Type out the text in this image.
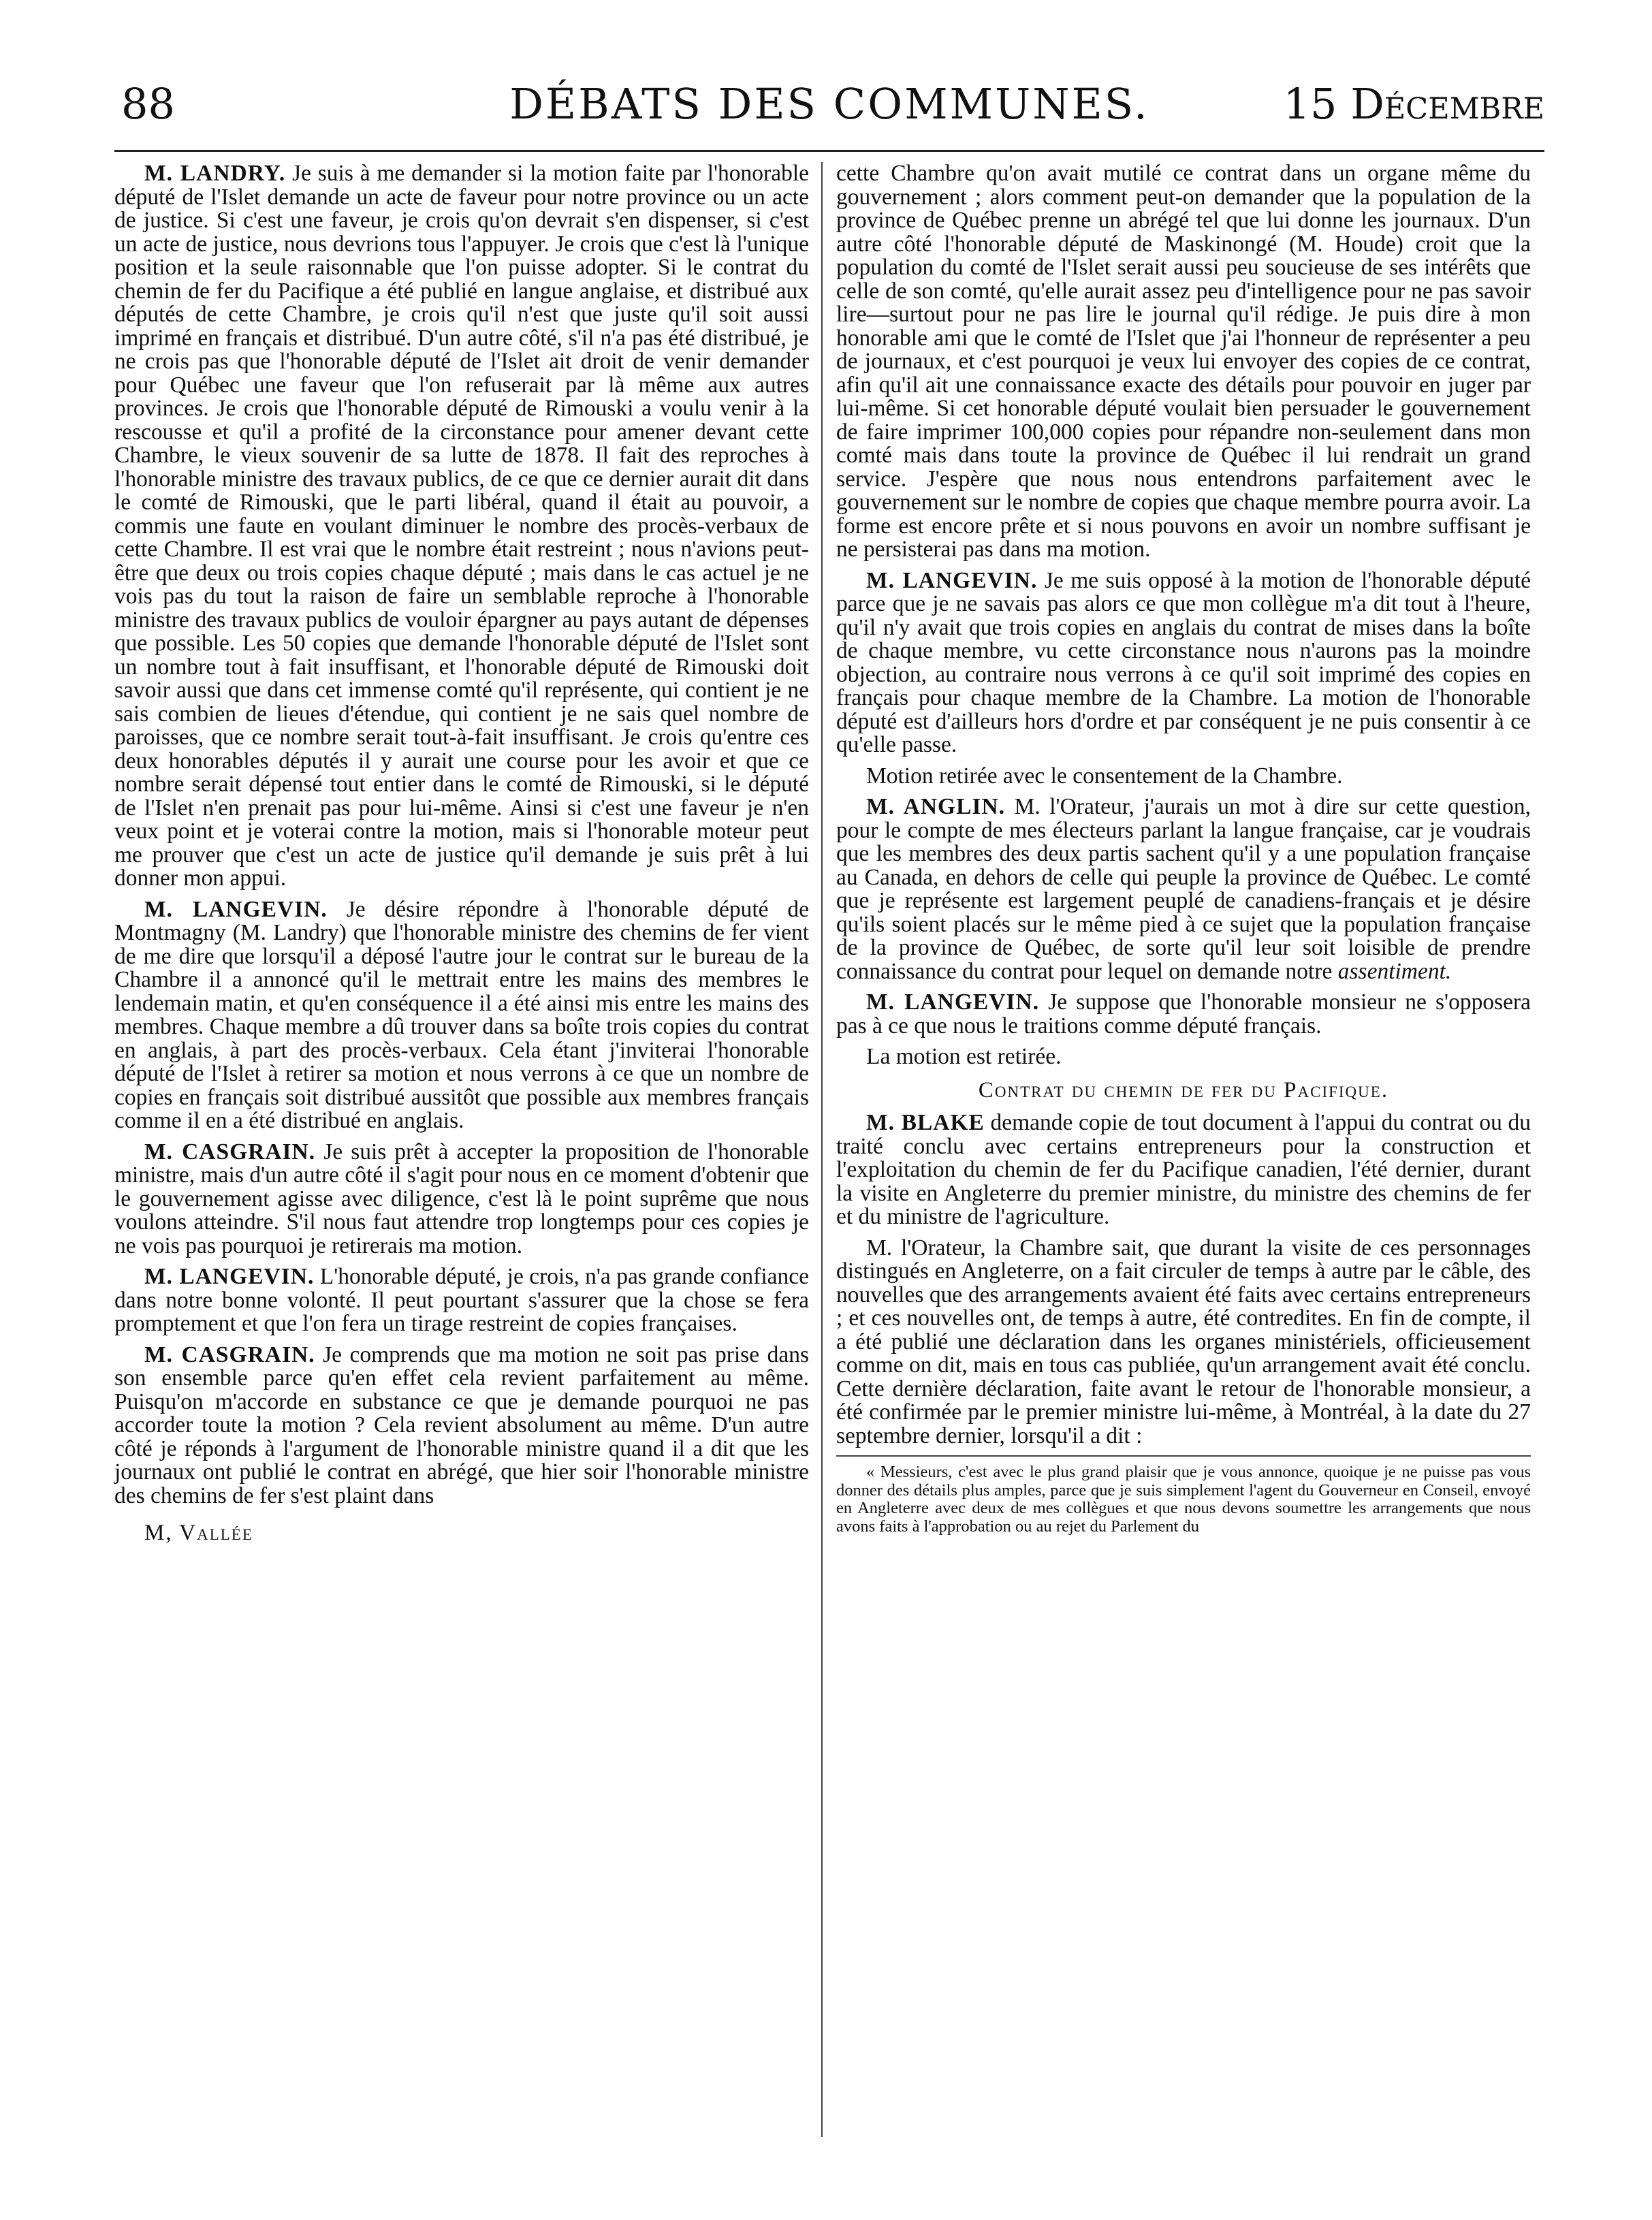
88	DÉBATS DES COMMUNES.	15 Décembre

M. LANDRY. Je suis à me demander si la motion faite par l'honorable député de l'Islet demande un acte de faveur pour notre province ou un acte de justice. Si c'est une faveur, je crois qu'on devrait s'en dispenser, si c'est un acte de justice, nous devrions tous l'appuyer. Je crois que c'est là l'unique position et la seule raisonnable que l'on puisse adopter. Si le contrat du chemin de fer du Pacifique a été publié en langue anglaise, et distribué aux députés de cette Chambre, je crois qu'il n'est que juste qu'il soit aussi imprimé en français et distribué. D'un autre côté, s'il n'a pas été distribué, je ne crois pas que l'honorable député de l'Islet ait droit de venir demander pour Québec une faveur que l'on refuserait par là même aux autres provinces. Je crois que l'honorable député de Rimouski a voulu venir à la rescousse et qu'il a profité de la circonstance pour amener devant cette Chambre, le vieux souvenir de sa lutte de 1878. Il fait des reproches à l'honorable ministre des travaux publics, de ce que ce dernier aurait dit dans le comté de Rimouski, que le parti libéral, quand il était au pouvoir, a commis une faute en voulant diminuer le nombre des procès-verbaux de cette Chambre. Il est vrai que le nombre était restreint ; nous n'avions peut-être que deux ou trois copies chaque député ; mais dans le cas actuel je ne vois pas du tout la raison de faire un semblable reproche à l'honorable ministre des travaux publics de vouloir épargner au pays autant de dépenses que possible. Les 50 copies que demande l'honorable député de l'Islet sont un nombre tout à fait insuffisant, et l'honorable député de Rimouski doit savoir aussi que dans cet immense comté qu'il représente, qui contient je ne sais combien de lieues d'étendue, qui contient je ne sais quel nombre de paroisses, que ce nombre serait tout-à-fait insuffisant. Je crois qu'entre ces deux honorables députés il y aurait une course pour les avoir et que ce nombre serait dépensé tout entier dans le comté de Rimouski, si le député de l'Islet n'en prenait pas pour lui-même. Ainsi si c'est une faveur je n'en veux point et je voterai contre la motion, mais si l'honorable moteur peut me prouver que c'est un acte de justice qu'il demande je suis prêt à lui donner mon appui.

M. LANGEVIN. Je désire répondre à l'honorable député de Montmagny (M. Landry) que l'honorable ministre des chemins de fer vient de me dire que lorsqu'il a déposé l'autre jour le contrat sur le bureau de la Chambre il a annoncé qu'il le mettrait entre les mains des membres le lendemain matin, et qu'en conséquence il a été ainsi mis entre les mains des membres. Chaque membre a dû trouver dans sa boîte trois copies du contrat en anglais, à part des procès-verbaux. Cela étant j'inviterai l'honorable député de l'Islet à retirer sa motion et nous verrons à ce que un nombre de copies en français soit distribué aussitôt que possible aux membres français comme il en a été distribué en anglais.

M. CASGRAIN. Je suis prêt à accepter la proposition de l'honorable ministre, mais d'un autre côté il s'agit pour nous en ce moment d'obtenir que le gouvernement agisse avec diligence, c'est là le point suprême que nous voulons atteindre. S'il nous faut attendre trop longtemps pour ces copies je ne vois pas pourquoi je retirerais ma motion.

M. LANGEVIN. L'honorable député, je crois, n'a pas grande confiance dans notre bonne volonté. Il peut pourtant s'assurer que la chose se fera promptement et que l'on fera un tirage restreint de copies françaises.

M. CASGRAIN. Je comprends que ma motion ne soit pas prise dans son ensemble parce qu'en effet cela revient parfaitement au même. Puisqu'on m'accorde en substance ce que je demande pourquoi ne pas accorder toute la motion ? Cela revient absolument au même. D'un autre côté je réponds à l'argument de l'honorable ministre quand il a dit que les journaux ont publié le contrat en abrégé, que hier soir l'honorable ministre des chemins de fer s'est plaint dans

M, Vallée

cette Chambre qu'on avait mutilé ce contrat dans un organe même du gouvernement ; alors comment peut-on demander que la population de la province de Québec prenne un abrégé tel que lui donne les journaux. D'un autre côté l'honorable député de Maskinongé (M. Houde) croit que la population du comté de l'Islet serait aussi peu soucieuse de ses intérêts que celle de son comté, qu'elle aurait assez peu d'intelligence pour ne pas savoir lire—surtout pour ne pas lire le journal qu'il rédige. Je puis dire à mon honorable ami que le comté de l'Islet que j'ai l'honneur de représenter a peu de journaux, et c'est pourquoi je veux lui envoyer des copies de ce contrat, afin qu'il ait une connaissance exacte des détails pour pouvoir en juger par lui-même. Si cet honorable député voulait bien persuader le gouvernement de faire imprimer 100,000 copies pour répandre non-seulement dans mon comté mais dans toute la province de Québec il lui rendrait un grand service. J'espère que nous nous entendrons parfaitement avec le gouvernement sur le nombre de copies que chaque membre pourra avoir. La forme est encore prête et si nous pouvons en avoir un nombre suffisant je ne persisterai pas dans ma motion.

M. LANGEVIN. Je me suis opposé à la motion de l'honorable député parce que je ne savais pas alors ce que mon collègue m'a dit tout à l'heure, qu'il n'y avait que trois copies en anglais du contrat de mises dans la boîte de chaque membre, vu cette circonstance nous n'aurons pas la moindre objection, au contraire nous verrons à ce qu'il soit imprimé des copies en français pour chaque membre de la Chambre. La motion de l'honorable député est d'ailleurs hors d'ordre et par conséquent je ne puis consentir à ce qu'elle passe.

Motion retirée avec le consentement de la Chambre.

M. ANGLIN. M. l'Orateur, j'aurais un mot à dire sur cette question, pour le compte de mes électeurs parlant la langue française, car je voudrais que les membres des deux partis sachent qu'il y a une population française au Canada, en dehors de celle qui peuple la province de Québec. Le comté que je représente est largement peuplé de canadiens-français et je désire qu'ils soient placés sur le même pied à ce sujet que la population française de la province de Québec, de sorte qu'il leur soit loisible de prendre connaissance du contrat pour lequel on demande notre assentiment.

M. LANGEVIN. Je suppose que l'honorable monsieur ne s'opposera pas à ce que nous le traitions comme député français.

La motion est retirée.

Contrat du chemin de fer du Pacifique.

M. BLAKE demande copie de tout document à l'appui du contrat ou du traité conclu avec certains entrepreneurs pour la construction et l'exploitation du chemin de fer du Pacifique canadien, l'été dernier, durant la visite en Angleterre du premier ministre, du ministre des chemins de fer et du ministre de l'agriculture.

M. l'Orateur, la Chambre sait, que durant la visite de ces personnages distingués en Angleterre, on a fait circuler de temps à autre par le câble, des nouvelles que des arrangements avaient été faits avec certains entrepreneurs ; et ces nouvelles ont, de temps à autre, été contredites. En fin de compte, il a été publié une déclaration dans les organes ministériels, officieusement comme on dit, mais en tous cas publiée, qu'un arrangement avait été conclu. Cette dernière déclaration, faite avant le retour de l'honorable monsieur, a été confirmée par le premier ministre lui-même, à Montréal, à la date du 27 septembre dernier, lorsqu'il a dit :

« Messieurs, c'est avec le plus grand plaisir que je vous annonce, quoique je ne puisse pas vous donner des détails plus amples, parce que je suis simplement l'agent du Gouverneur en Conseil, envoyé en Angleterre avec deux de mes collègues et que nous devons soumettre les arrangements que nous avons faits à l'approbation ou au rejet du Parlement du
